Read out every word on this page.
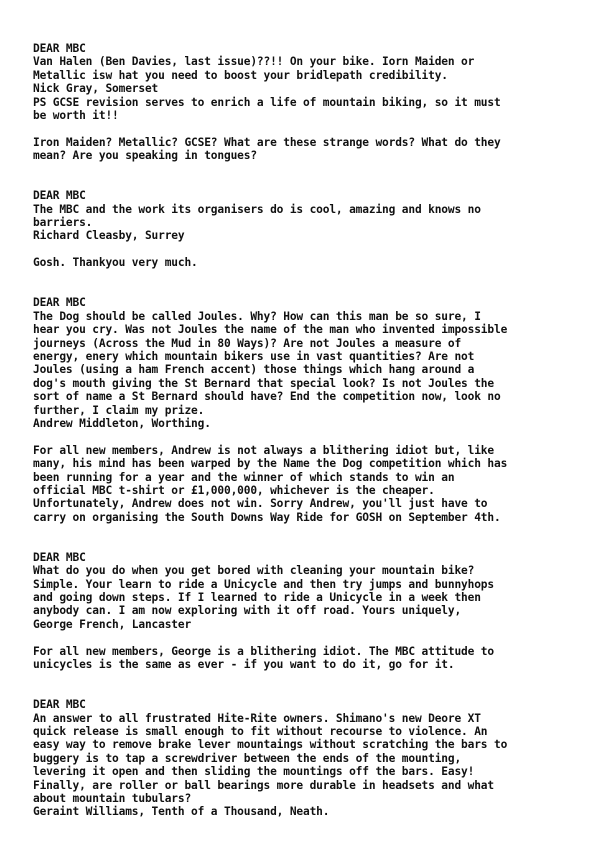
DEAR MBC
Van Halen (Ben Davies, last issue)??!! On your bike. Iorn Maiden or
Metallic isw hat you need to boost your bridlepath credibility.
Nick Gray, Somerset
PS GCSE revision serves to enrich a life of mountain biking, so it must
be worth it!!
Iron Maiden? Metallic? GCSE? What are these strange words? What do they
mean? Are you speaking in tongues?
DEAR MBC
The MBC and the work its organisers do is cool, amazing and knows no
barriers.
Richard Cleasby, Surrey
Gosh. Thankyou very much.
DEAR MBC
The Dog should be called Joules. Why? How can this man be so sure, I
hear you cry. Was not Joules the name of the man who invented impossible
journeys (Across the Mud in 80 Ways)? Are not Joules a measure of
energy, enery which mountain bikers use in vast quantities? Are not
Joules (using a ham French accent) those things which hang around a
dog's mouth giving the St Bernard that special look? Is not Joules the
sort of name a St Bernard should have? End the competition now, look no
further, I claim my prize.
Andrew Middleton, Worthing.
For all new members, Andrew is not always a blithering idiot but, like
many, his mind has been warped by the Name the Dog competition which has
been running for a year and the winner of which stands to win an
official MBC t-shirt or £1,000,000, whichever is the cheaper.
Unfortunately, Andrew does not win. Sorry Andrew, you'll just have to
carry on organising the South Downs Way Ride for GOSH on September 4th.
DEAR MBC
What do you do when you get bored with cleaning your mountain bike?
Simple. Your learn to ride a Unicycle and then try jumps and bunnyhops
and going down steps. If I learned to ride a Unicycle in a week then
anybody can. I am now exploring with it off road. Yours uniquely,
George French, Lancaster
For all new members, George is a blithering idiot. The MBC attitude to
unicycles is the same as ever - if you want to do it, go for it.
DEAR MBC
An answer to all frustrated Hite-Rite owners. Shimano's new Deore XT
quick release is small enough to fit without recourse to violence. An
easy way to remove brake lever mountaings without scratching the bars to
buggery is to tap a screwdriver between the ends of the mounting,
levering it open and then sliding the mountings off the bars. Easy!
Finally, are roller or ball bearings more durable in headsets and what
about mountain tubulars?
Geraint Williams, Tenth of a Thousand, Neath.
